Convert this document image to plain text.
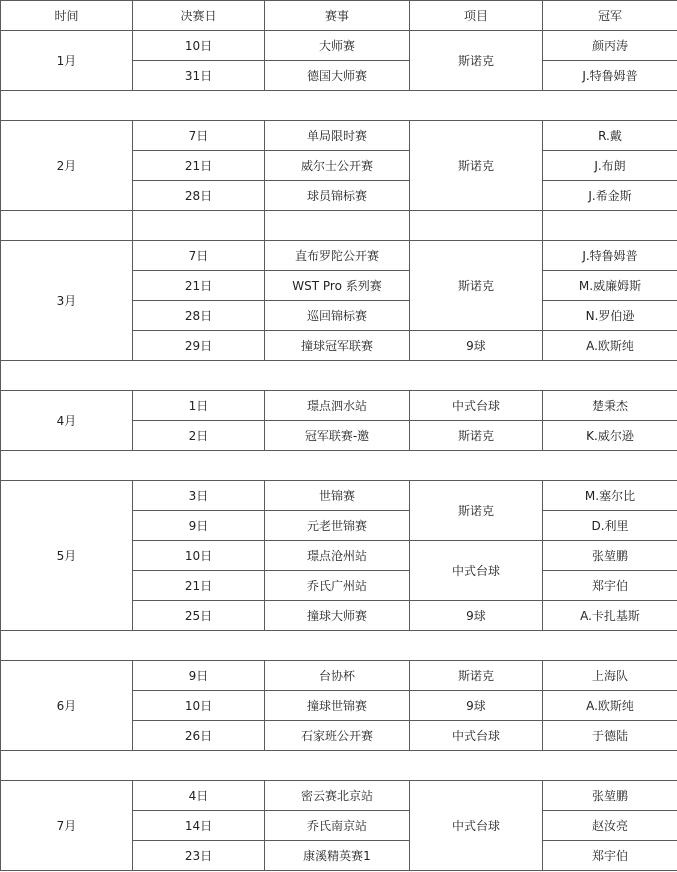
时间	决赛日	赛事	项目	冠军
1月	10日	大师赛	斯诺克	颜丙涛
	31日	德国大师赛		J.特鲁姆普

2月	7日	单局限时赛	斯诺克	R.戴
	21日	威尔士公开赛		J.布朗
	28日	球员锦标赛		J.希金斯

3月	7日	直布罗陀公开赛	斯诺克	J.特鲁姆普
	21日	WST Pro 系列赛		M.威廉姆斯
	28日	巡回锦标赛		N.罗伯逊
	29日	撞球冠军联赛	9球	A.欧斯纯

4月	1日	璟点泗水站	中式台球	楚秉杰
	2日	冠军联赛-邀	斯诺克	K.威尔逊

5月	3日	世锦赛	斯诺克	M.塞尔比
	9日	元老世锦赛		D.利里
	10日	璟点沧州站	中式台球	张堃鹏
	21日	乔氏广州站		郑宇伯
	25日	撞球大师赛	9球	A.卡扎基斯

6月	9日	台协杯	斯诺克	上海队
	10日	撞球世锦赛	9球	A.欧斯纯
	26日	石家班公开赛	中式台球	于德陆

7月	4日	密云赛北京站	中式台球	张堃鹏
	14日	乔氏南京站		赵汝亮
	23日	康溪精英赛1		郑宇伯
